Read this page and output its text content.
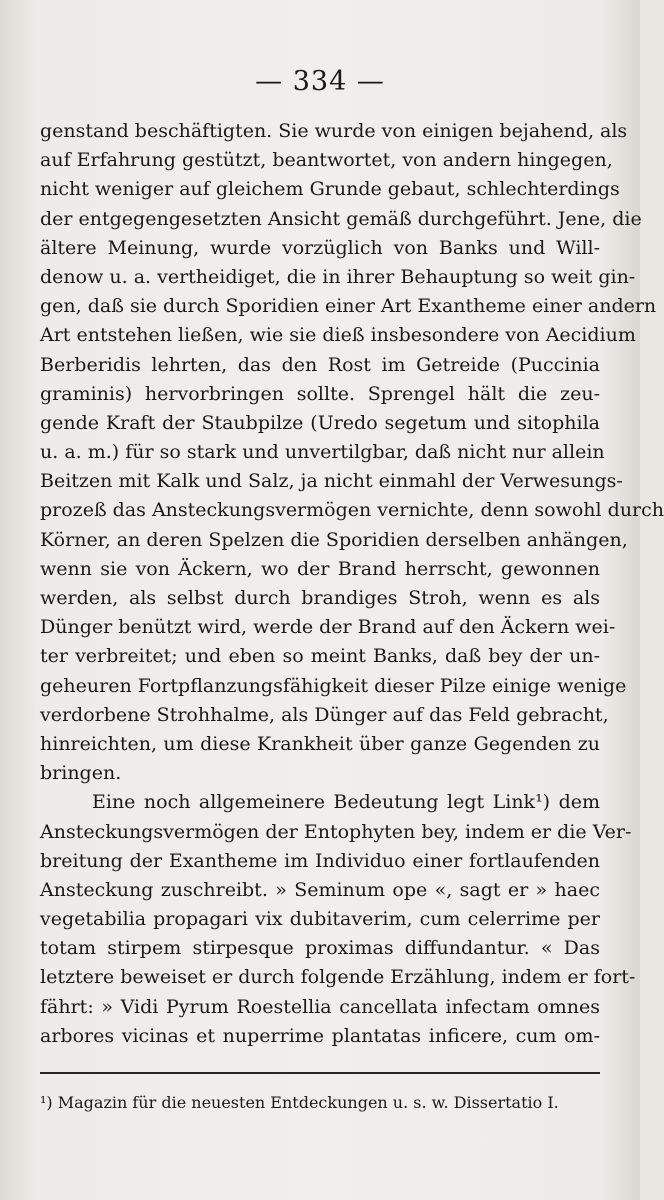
— 334 —
genstand beschäftigten. Sie wurde von einigen bejahend, als
auf Erfahrung gestützt, beantwortet, von andern hingegen,
nicht weniger auf gleichem Grunde gebaut, schlechterdings
der entgegengesetzten Ansicht gemäß durchgeführt. Jene, die
ältere Meinung, wurde vorzüglich von Banks und Will-
denow u. a. vertheidiget, die in ihrer Behauptung so weit gin-
gen, daß sie durch Sporidien einer Art Exantheme einer andern
Art entstehen ließen, wie sie dieß insbesondere von Aecidium
Berberidis lehrten, das den Rost im Getreide (Puccinia
graminis) hervorbringen sollte. Sprengel hält die zeu-
gende Kraft der Staubpilze (Uredo segetum und sitophila
u. a. m.) für so stark und unvertilgbar, daß nicht nur allein
Beitzen mit Kalk und Salz, ja nicht einmahl der Verwesungs-
prozeß das Ansteckungsvermögen vernichte, denn sowohl durch
Körner, an deren Spelzen die Sporidien derselben anhängen,
wenn sie von Äckern, wo der Brand herrscht, gewonnen
werden, als selbst durch brandiges Stroh, wenn es als
Dünger benützt wird, werde der Brand auf den Äckern wei-
ter verbreitet; und eben so meint Banks, daß bey der un-
geheuren Fortpflanzungsfähigkeit dieser Pilze einige wenige
verdorbene Strohhalme, als Dünger auf das Feld gebracht,
hinreichten, um diese Krankheit über ganze Gegenden zu
bringen.
Eine noch allgemeinere Bedeutung legt Link¹) dem
Ansteckungsvermögen der Entophyten bey, indem er die Ver-
breitung der Exantheme im Individuo einer fortlaufenden
Ansteckung zuschreibt. » Seminum ope «, sagt er » haec
vegetabilia propagari vix dubitaverim, cum celerrime per
totam stirpem stirpesque proximas diffundantur. « Das
letztere beweiset er durch folgende Erzählung, indem er fort-
fährt: » Vidi Pyrum Roestellia cancellata infectam omnes
arbores vicinas et nuperrime plantatas inficere, cum om-
¹) Magazin für die neuesten Entdeckungen u. s. w. Dissertatio I.
